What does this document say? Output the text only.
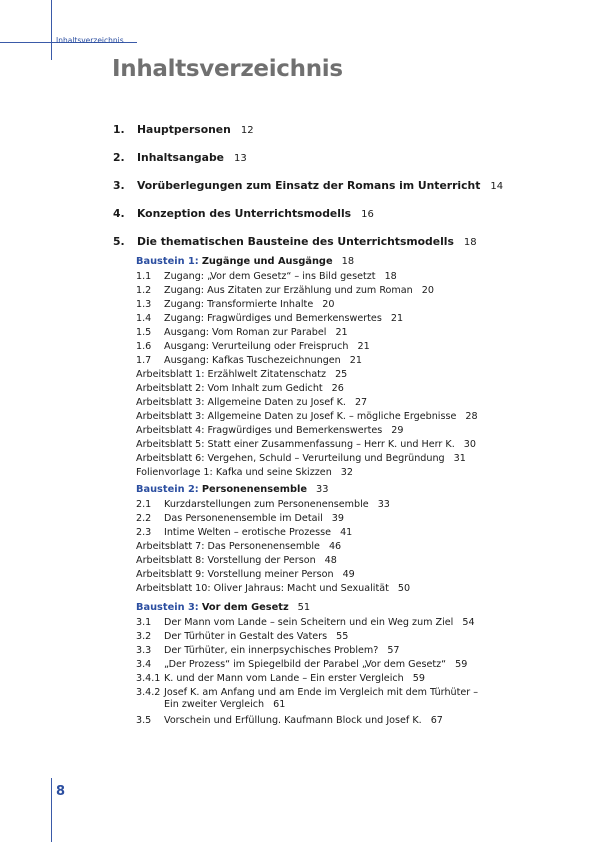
Inhaltsverzeichnis
Inhaltsverzeichnis
8
1. Hauptpersonen 12
2. Inhaltsangabe 13
3. Vorüberlegungen zum Einsatz der Romans im Unterricht 14
4. Konzeption des Unterrichtsmodells 16
5. Die thematischen Bausteine des Unterrichtsmodells 18
Baustein 1: Zugänge und Ausgänge 18
1.1 Zugang: „Vor dem Gesetz“ – ins Bild gesetzt 18
1.2 Zugang: Aus Zitaten zur Erzählung und zum Roman 20
1.3 Zugang: Transformierte Inhalte 20
1.4 Zugang: Fragwürdiges und Bemerkenswertes 21
1.5 Ausgang: Vom Roman zur Parabel 21
1.6 Ausgang: Verurteilung oder Freispruch 21
1.7 Ausgang: Kafkas Tuschezeichnungen 21
Arbeitsblatt 1: Erzählwelt Zitatenschatz 25
Arbeitsblatt 2: Vom Inhalt zum Gedicht 26
Arbeitsblatt 3: Allgemeine Daten zu Josef K. 27
Arbeitsblatt 3: Allgemeine Daten zu Josef K. – mögliche Ergebnisse 28
Arbeitsblatt 4: Fragwürdiges und Bemerkenswertes 29
Arbeitsblatt 5: Statt einer Zusammenfassung – Herr K. und Herr K. 30
Arbeitsblatt 6: Vergehen, Schuld – Verurteilung und Begründung 31
Folienvorlage 1: Kafka und seine Skizzen 32
Baustein 2: Personenensemble 33
2.1 Kurzdarstellungen zum Personenensemble 33
2.2 Das Personenensemble im Detail 39
2.3 Intime Welten – erotische Prozesse 41
Arbeitsblatt 7: Das Personenensemble 46
Arbeitsblatt 8: Vorstellung der Person 48
Arbeitsblatt 9: Vorstellung meiner Person 49
Arbeitsblatt 10: Oliver Jahraus: Macht und Sexualität 50
Baustein 3: Vor dem Gesetz 51
3.1 Der Mann vom Lande – sein Scheitern und ein Weg zum Ziel 54
3.2 Der Türhüter in Gestalt des Vaters 55
3.3 Der Türhüter, ein innerpsychisches Problem? 57
3.4 „Der Prozess“ im Spiegelbild der Parabel „Vor dem Gesetz“ 59
3.4.1 K. und der Mann vom Lande – Ein erster Vergleich 59
3.4.2 Josef K. am Anfang und am Ende im Vergleich mit dem Türhüter –
Ein zweiter Vergleich 61
3.5 Vorschein und Erfüllung. Kaufmann Block und Josef K. 67
